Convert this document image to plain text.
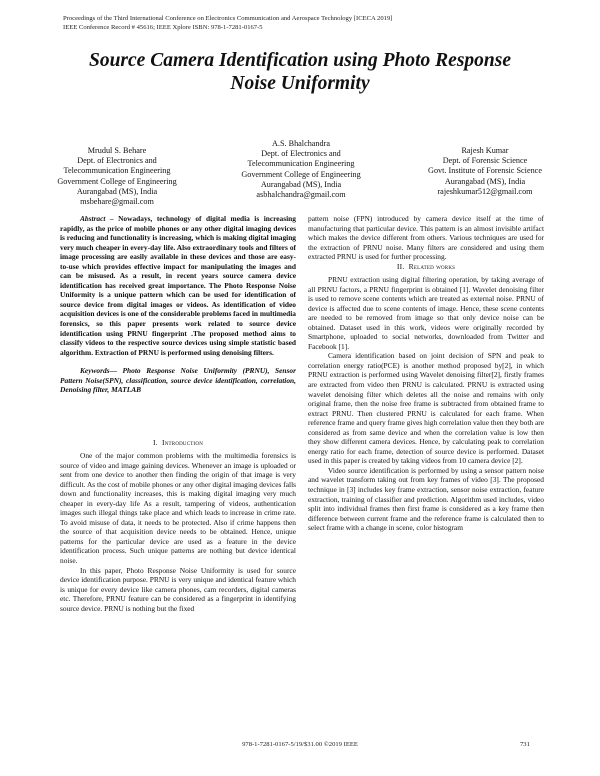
Proceedings of the Third International Conference on Electronics Communication and Aerospace Technology [ICECA 2019]
IEEE Conference Record # 45616; IEEE Xplore ISBN: 978-1-7281-0167-5
Source Camera Identification using Photo Response
Noise Uniformity
Mrudul S. Behare
Dept. of Electronics and
Telecommunication Engineering
Government College of Engineering
Aurangabad (MS), India
msbehare@gmail.com
A.S. Bhalchandra
Dept. of Electronics and
Telecommunication Engineering
Government College of Engineering
Aurangabad (MS), India
asbhalchandra@gmail.com
Rajesh Kumar
Dept. of Forensic Science
Govt. Institute of Forensic Science
Aurangabad (MS), India
rajeshkumar512@gmail.com

Abstract – Nowadays, technology of digital media is increasing rapidly, as the price of mobile phones or any other digital imaging devices is reducing and functionality is increasing, which is making digital imaging very much cheaper in every-day life. Also extraordinary tools and filters of image processing are easily available in these devices and those are easy-to-use which provides effective impact for manipulating the images and can be misused. As a result, in recent years source camera device identification has received great importance. The Photo Response Noise Uniformity is a unique pattern which can be used for identification of source device from digital images or videos. As identification of video acquisition devices is one of the considerable problems faced in multimedia forensics, so this paper presents work related to source device identification using PRNU fingerprint .The proposed method aims to classify videos to the respective source devices using simple statistic based algorithm. Extraction of PRNU is performed using denoising filters.

Keywords— Photo Response Noise Uniformity (PRNU), Sensor Pattern Noise(SPN), classification, source device identification, correlation, Denoising filter, MATLAB

I. Introduction

One of the major common problems with the multimedia forensics is source of video and image gaining devices. Whenever an image is uploaded or sent from one device to another then finding the origin of that image is very difficult. As the cost of mobile phones or any other digital imaging devices falls down and functionality increases, this is making digital imaging very much cheaper in every-day life As a result, tampering of videos, authentication images such illegal things take place and which leads to increase in crime rate. To avoid misuse of data, it needs to be protected. Also if crime happens then the source of that acquisition device needs to be obtained. Hence, unique patterns for the particular device are used as a feature in the device identification process. Such unique patterns are nothing but device identical noise.

In this paper, Photo Response Noise Uniformity is used for source device identification purpose. PRNU is very unique and identical feature which is unique for every device like camera phones, cam recorders, digital cameras etc. Therefore, PRNU feature can be considered as a fingerprint in identifying source device. PRNU is nothing but the fixed

pattern noise (FPN) introduced by camera device itself at the time of manufacturing that particular device. This pattern is an almost invisible artifact which makes the device different from others. Various techniques are used for the extraction of PRNU noise. Many filters are considered and using them extracted PRNU is used for further processing.

II. Related works

PRNU extraction using digital filtering operation, by taking average of all PRNU factors, a PRNU fingerprint is obtained [1]. Wavelet denoising filter is used to remove scene contents which are treated as external noise. PRNU of device is affected due to scene contents of image. Hence, these scene contents are needed to be removed from image so that only device noise can be obtained. Dataset used in this work, videos were originally recorded by Smartphone, uploaded to social networks, downloaded from Twitter and Facebook [1].

Camera identification based on joint decision of SPN and peak to correlation energy ratio(PCE) is another method proposed by[2], in which PRNU extraction is performed using Wavelet denoising filter[2], firstly frames are extracted from video then PRNU is calculated. PRNU is extracted using wavelet denoising filter which deletes all the noise and remains with only original frame, then the noise free frame is subtracted from obtained frame to extract PRNU. Then clustered PRNU is calculated for each frame. When reference frame and query frame gives high correlation value then they both are considered as from same device and when the correlation value is low then they show different camera devices. Hence, by calculating peak to correlation energy ratio for each frame, detection of source device is performed. Dataset used in this paper is created by taking videos from 10 camera device [2].

Video source identification is performed by using a sensor pattern noise and wavelet transform taking out from key frames of video [3]. The proposed technique in [3] includes key frame extraction, sensor noise extraction, feature extraction, training of classifier and prediction. Algorithm used includes, video split into individual frames then first frame is considered as a key frame then difference between current frame and the reference frame is calculated then to select frame with a change in scene, color histogram

978-1-7281-0167-5/19/$31.00 ©2019 IEEE	731
